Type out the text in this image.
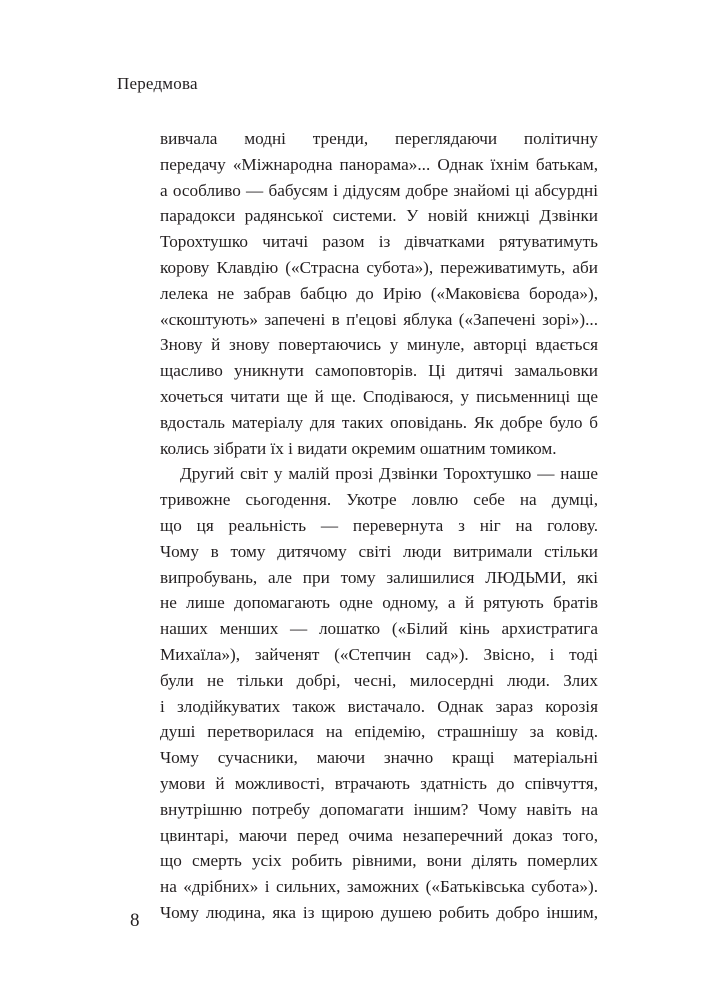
Передмова
вивчала модні тренди, переглядаючи політичну
передачу «Міжнародна панорама»... Однак їхнім батькам,
а особливо — бабусям і дідусям добре знайомі ці абсурдні
парадокси радянської системи. У новій книжці Дзвінки
Торохтушко читачі разом із дівчатками рятуватимуть
корову Клавдію («Страсна субота»), переживатимуть, аби
лелека не забрав бабцю до Ирію («Маковієва борода»),
«скоштують» запечені в п'ецові яблука («Запечені зорі»)...
Знову й знову повертаючись у минуле, авторці вдається
щасливо уникнути самоповторів. Ці дитячі замальовки
хочеться читати ще й ще. Сподіваюся, у письменниці ще
вдосталь матеріалу для таких оповідань. Як добре було б
колись зібрати їх і видати окремим ошатним томиком.
Другий світ у малій прозі Дзвінки Торохтушко — наше
тривожне сьогодення. Укотре ловлю себе на думці,
що ця реальність — перевернута з ніг на голову.
Чому в тому дитячому світі люди витримали стільки
випробувань, але при тому залишилися ЛЮДЬМИ, які
не лише допомагають одне одному, а й рятують братів
наших менших — лошатко («Білий кінь архистратига
Михаїла»), зайченят («Степчин сад»). Звісно, і тоді
були не тільки добрі, чесні, милосердні люди. Злих
і злодійкуватих також вистачало. Однак зараз корозія
душі перетворилася на епідемію, страшнішу за ковід.
Чому сучасники, маючи значно кращі матеріальні
умови й можливості, втрачають здатність до співчуття,
внутрішню потребу допомагати іншим? Чому навіть на
цвинтарі, маючи перед очима незаперечний доказ того,
що смерть усіх робить рівними, вони ділять померлих
на «дрібних» і сильних, заможних («Батьківська субота»).
Чому людина, яка із щирою душею робить добро іншим,
8
